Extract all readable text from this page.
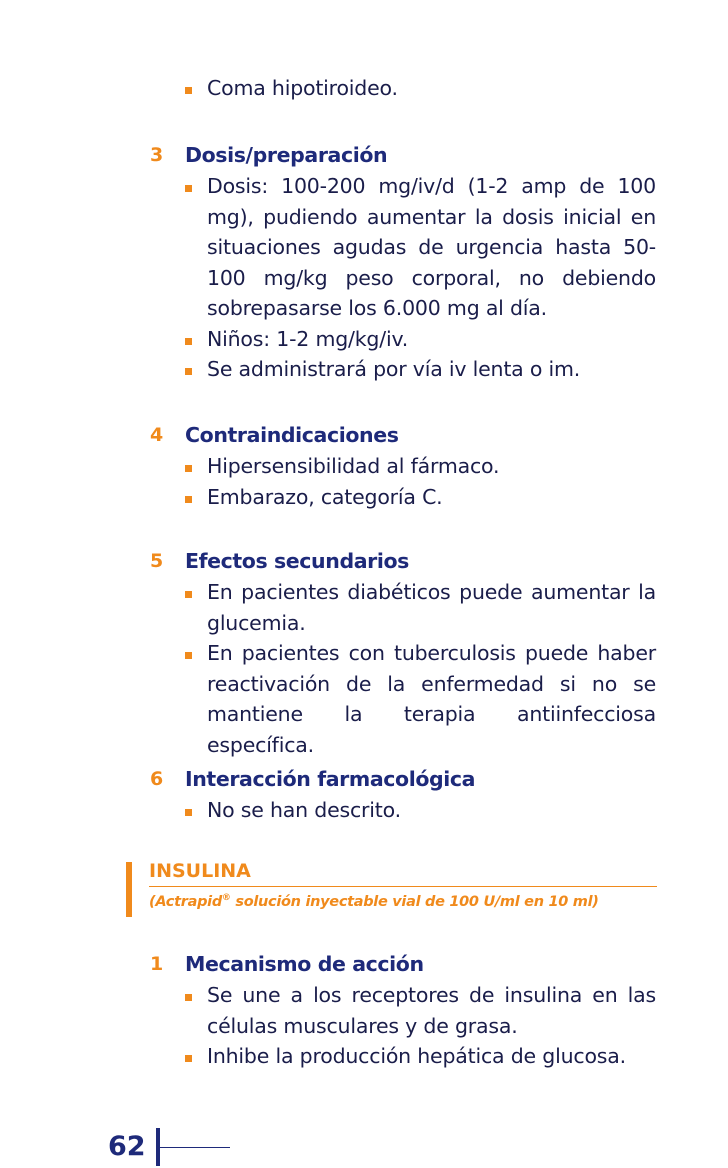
Coma hipotiroideo.
3 Dosis/preparación
Dosis: 100-200 mg/iv/d (1-2 amp de 100 mg), pudiendo aumentar la dosis inicial en situaciones agudas de urgencia hasta 50-100 mg/kg peso corporal, no debiendo sobrepasarse los 6.000 mg al día.
Niños: 1-2 mg/kg/iv.
Se administrará por vía iv lenta o im.
4 Contraindicaciones
Hipersensibilidad al fármaco.
Embarazo, categoría C.
5 Efectos secundarios
En pacientes diabéticos puede aumentar la glucemia.
En pacientes con tuberculosis puede haber reactivación de la enfermedad si no se mantiene la terapia antiinfecciosa específica.
6 Interacción farmacológica
No se han descrito.
INSULINA
(Actrapid® solución inyectable vial de 100 U/ml en 10 ml)
1 Mecanismo de acción
Se une a los receptores de insulina en las células musculares y de grasa.
Inhibe la producción hepática de glucosa.
62
